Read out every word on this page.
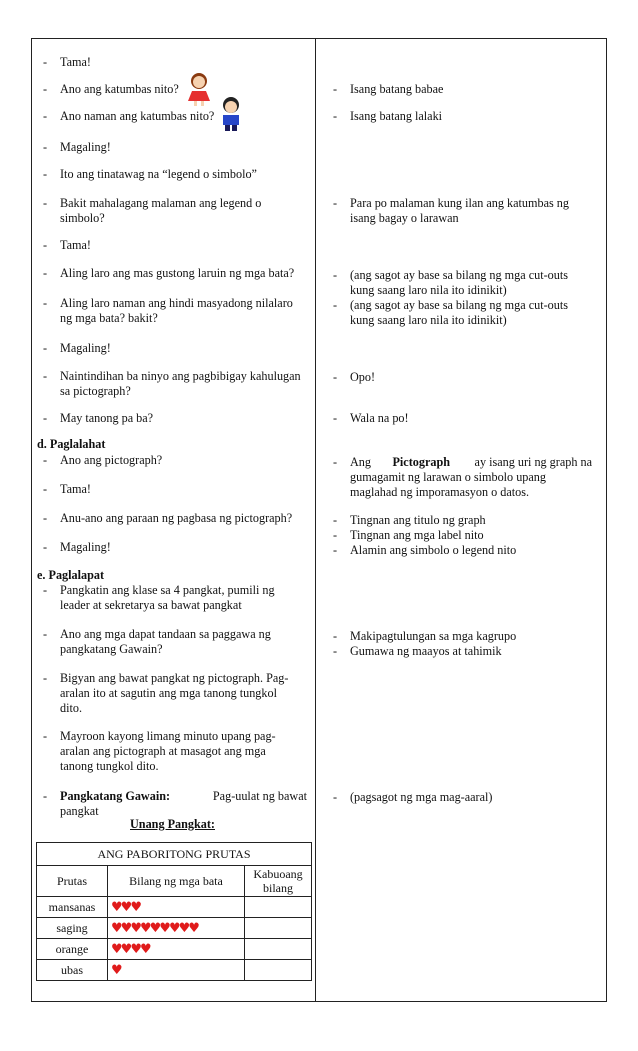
- Tama!
- Ano ang katumbas nito?
- Ano naman ang katumbas nito?
- Magaling!
- Ito ang tinatawag na “legend o simbolo”
- Bakit mahalagang malaman ang legend o
simbolo?
- Tama!
- Aling laro ang mas gustong laruin ng mga bata?
- Aling laro naman ang hindi masyadong nilalaro
ng mga bata? bakit?
- Magaling!
- Naintindihan ba ninyo ang pagbibigay kahulugan
sa pictograph?
- May tanong pa ba?
d. Paglalahat
- Ano ang pictograph?
- Tama!
- Anu-ano ang paraan ng pagbasa ng pictograph?
- Magaling!
e. Paglalapat
- Pangkatin ang klase sa 4 pangkat, pumili ng
leader at sekretarya sa bawat pangkat
- Ano ang mga dapat tandaan sa paggawa ng
pangkatang Gawain?
- Bigyan ang bawat pangkat ng pictograph. Pag-
aralan ito at sagutin ang mga tanong tungkol
dito.
- Mayroon kayong limang minuto upang pag-
aralan ang pictograph at masagot ang mga
tanong tungkol dito.
- Pangkatang Gawain:	Pag-uulat ng bawat
pangkat
Unang Pangkat:
ANG PABORITONG PRUTAS		
Prutas	Bilang ng mga bata	Kabuoang bilang
mansanas	♥♥♥	
saging	♥♥♥♥♥♥♥♥♥	
orange	♥♥♥♥	
ubas	♥	
- Isang batang babae
- Isang batang lalaki
- Para po malaman kung ilan ang katumbas ng
isang bagay o larawan
- (ang sagot ay base sa bilang ng mga cut-outs
kung saang laro nila ito idinikit)
- (ang sagot ay base sa bilang ng mga cut-outs
kung saang laro nila ito idinikit)
- Opo!
- Wala na po!
- Ang Pictograph ay isang uri ng graph na
gumagamit ng larawan o simbolo upang
maglahad ng imporamasyon o datos.
- Tingnan ang titulo ng graph
- Tingnan ang mga label nito
- Alamin ang simbolo o legend nito
- Makipagtulungan sa mga kagrupo
- Gumawa ng maayos at tahimik
- (pagsagot ng mga mag-aaral)
